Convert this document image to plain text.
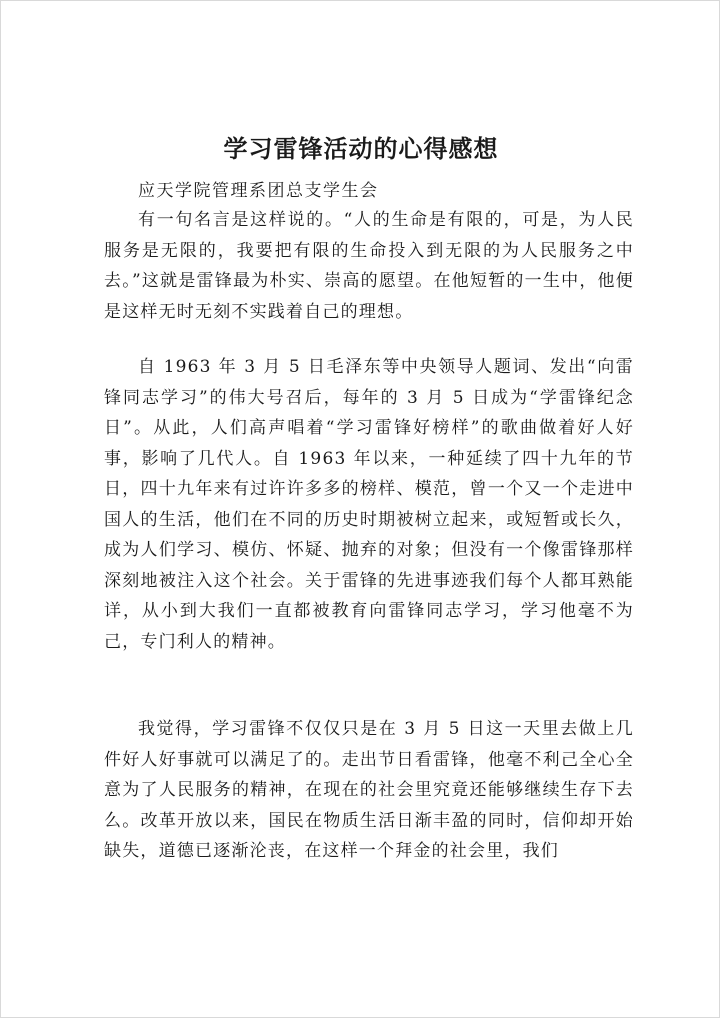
学习雷锋活动的心得感想

应天学院管理系团总支学生会

有一句名言是这样说的。“人的生命是有限的，可是，为人民服务是无限的，我要把有限的生命投入到无限的为人民服务之中去。”这就是雷锋最为朴实、崇高的愿望。在他短暂的一生中，他便是这样无时无刻不实践着自己的理想。

自 1963 年 3 月 5 日毛泽东等中央领导人题词、发出“向雷锋同志学习”的伟大号召后，每年的 3 月 5 日成为“学雷锋纪念日”。从此，人们高声唱着“学习雷锋好榜样”的歌曲做着好人好事，影响了几代人。自 1963 年以来，一种延续了四十九年的节日，四十九年来有过许许多多的榜样、模范，曾一个又一个走进中国人的生活，他们在不同的历史时期被树立起来，或短暂或长久，成为人们学习、模仿、怀疑、抛弃的对象；但没有一个像雷锋那样深刻地被注入这个社会。关于雷锋的先进事迹我们每个人都耳熟能详，从小到大我们一直都被教育向雷锋同志学习，学习他毫不为己，专门利人的精神。

我觉得，学习雷锋不仅仅只是在 3 月 5 日这一天里去做上几件好人好事就可以满足了的。走出节日看雷锋，他毫不利己全心全意为了人民服务的精神，在现在的社会里究竟还能够继续生存下去么。改革开放以来，国民在物质生活日渐丰盈的同时，信仰却开始缺失，道德已逐渐沦丧，在这样一个拜金的社会里，我们
